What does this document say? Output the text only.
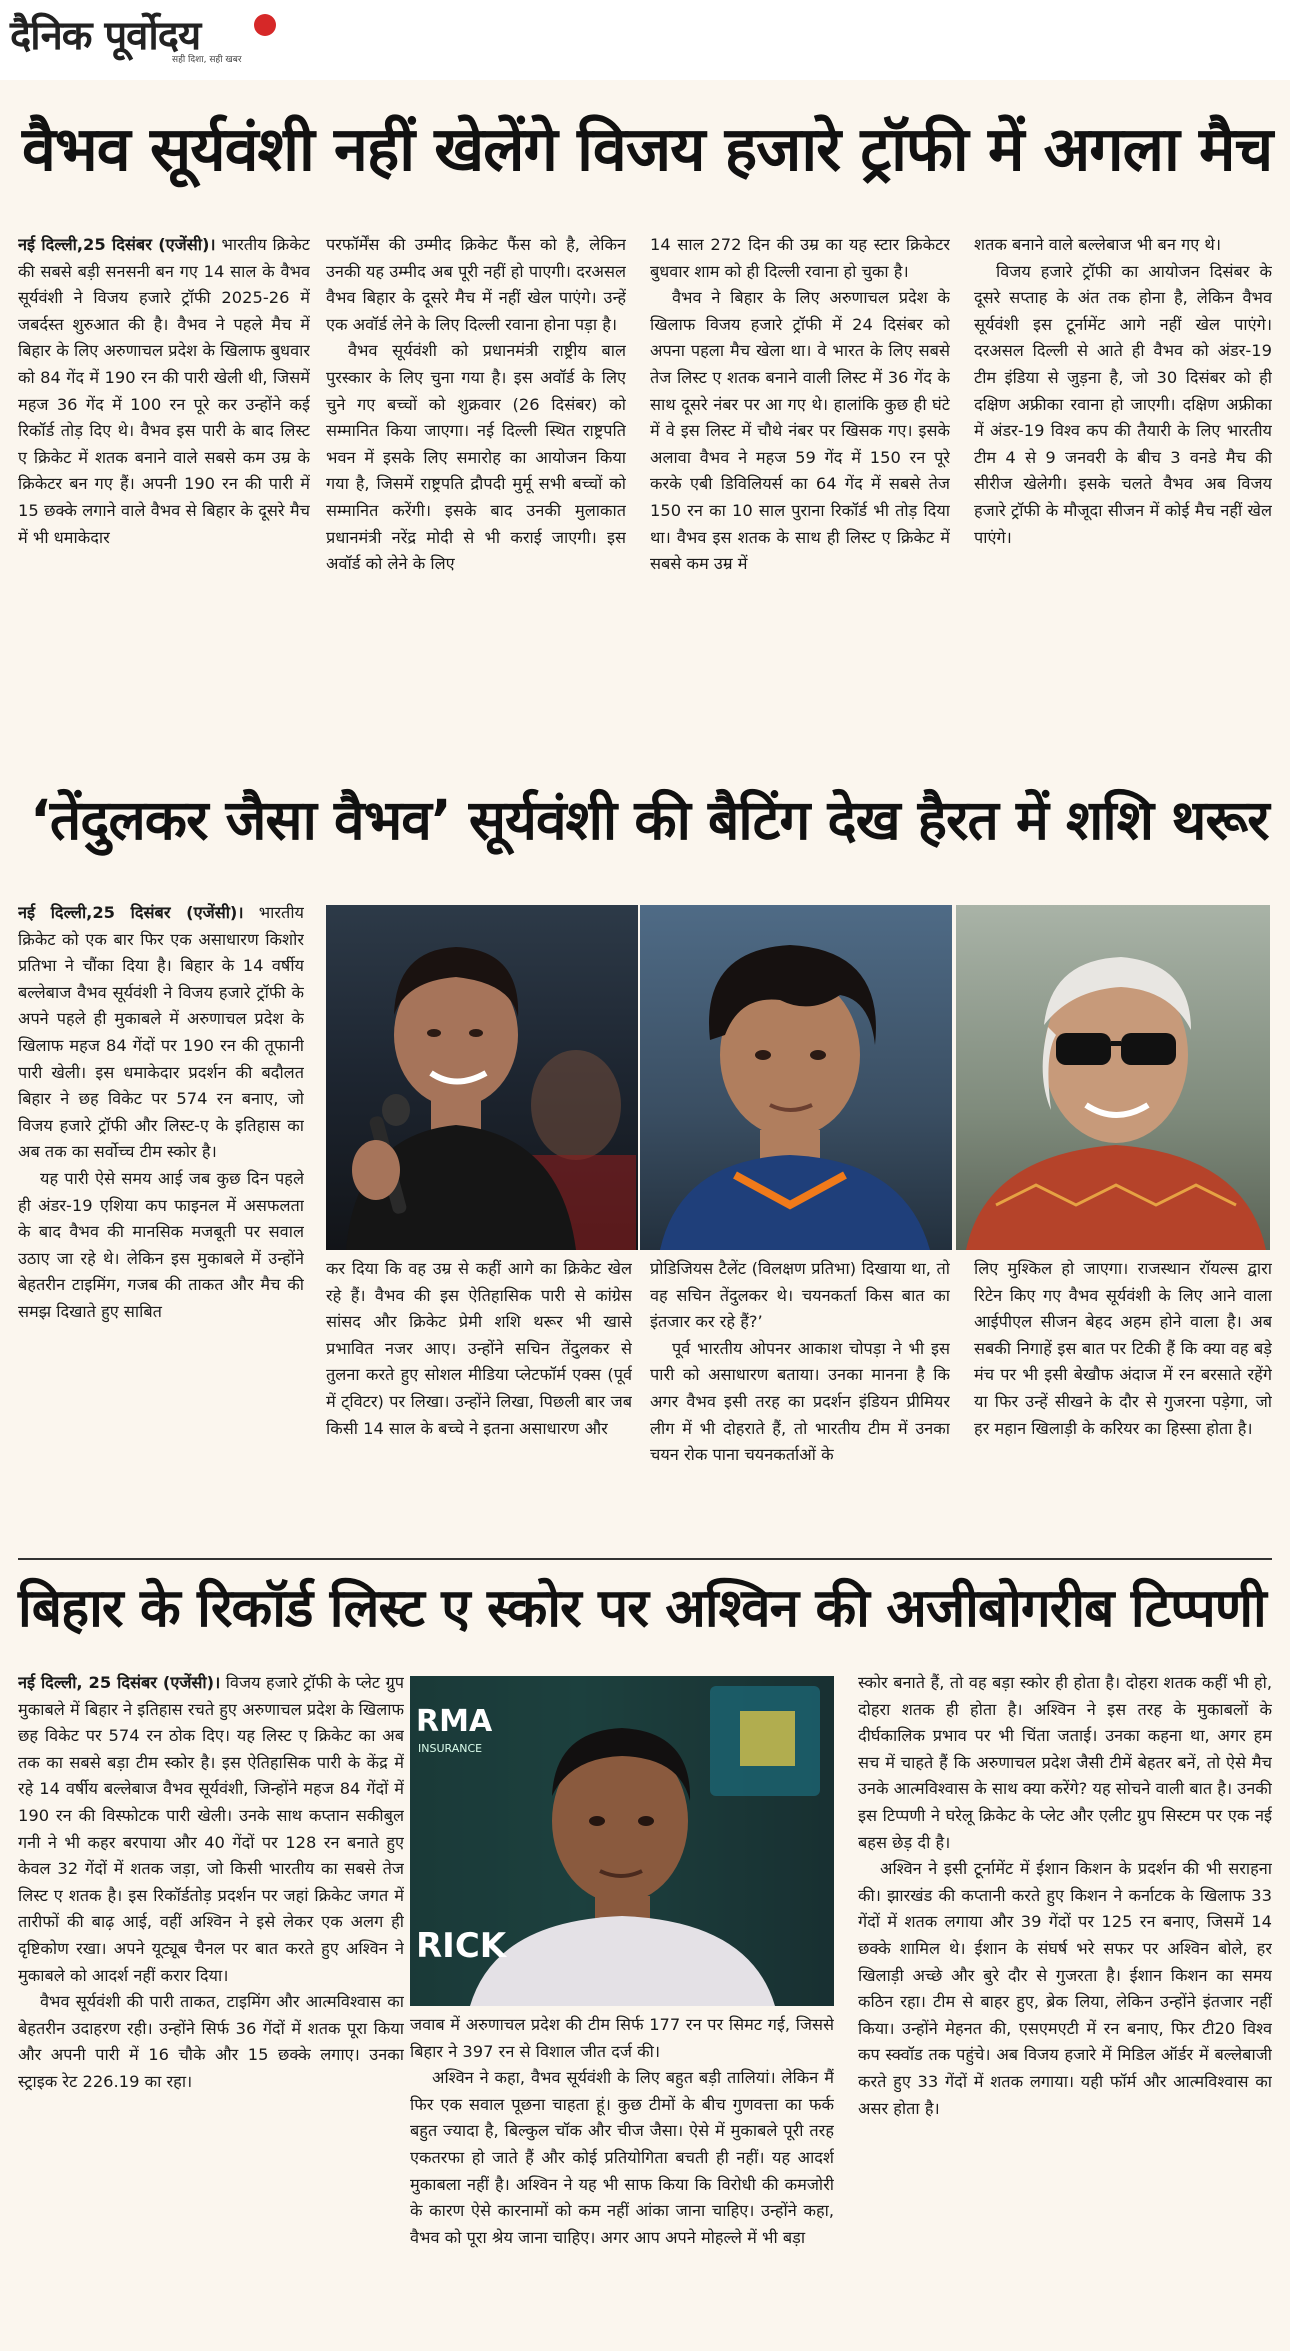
दैनिक पूर्वोदय
सही दिशा, सही खबर
वैभव सूर्यवंशी नहीं खेलेंगे विजय हजारे ट्रॉफी में अगला मैच

नई दिल्ली,25 दिसंबर (एजेंसी)। भारतीय क्रिकेट की सबसे बड़ी सनसनी बन गए 14 साल के वैभव सूर्यवंशी ने विजय हजारे ट्रॉफी 2025-26 में जबर्दस्त शुरुआत की है। वैभव ने पहले मैच में बिहार के लिए अरुणाचल प्रदेश के खिलाफ बुधवार को 84 गेंद में 190 रन की पारी खेली थी, जिसमें महज 36 गेंद में 100 रन पूरे कर उन्होंने कई रिकॉर्ड तोड़ दिए थे। वैभव इस पारी के बाद लिस्ट ए क्रिकेट में शतक बनाने वाले सबसे कम उम्र के क्रिकेटर बन गए हैं। अपनी 190 रन की पारी में 15 छक्के लगाने वाले वैभव से बिहार के दूसरे मैच में भी धमाकेदार

परफॉर्मेंस की उम्मीद क्रिकेट फैंस को है, लेकिन उनकी यह उम्मीद अब पूरी नहीं हो पाएगी। दरअसल वैभव बिहार के दूसरे मैच में नहीं खेल पाएंगे। उन्हें एक अवॉर्ड लेने के लिए दिल्ली रवाना होना पड़ा है।

वैभव सूर्यवंशी को प्रधानमंत्री राष्ट्रीय बाल पुरस्कार के लिए चुना गया है। इस अवॉर्ड के लिए चुने गए बच्चों को शुक्रवार (26 दिसंबर) को सम्मानित किया जाएगा। नई दिल्ली स्थित राष्ट्रपति भवन में इसके लिए समारोह का आयोजन किया गया है, जिसमें राष्ट्रपति द्रौपदी मुर्मू सभी बच्चों को सम्मानित करेंगी। इसके बाद उनकी मुलाकात प्रधानमंत्री नरेंद्र मोदी से भी कराई जाएगी। इस अवॉर्ड को लेने के लिए

14 साल 272 दिन की उम्र का यह स्टार क्रिकेटर बुधवार शाम को ही दिल्ली रवाना हो चुका है।

वैभव ने बिहार के लिए अरुणाचल प्रदेश के खिलाफ विजय हजारे ट्रॉफी में 24 दिसंबर को अपना पहला मैच खेला था। वे भारत के लिए सबसे तेज लिस्ट ए शतक बनाने वाली लिस्ट में 36 गेंद के साथ दूसरे नंबर पर आ गए थे। हालांकि कुछ ही घंटे में वे इस लिस्ट में चौथे नंबर पर खिसक गए। इसके अलावा वैभव ने महज 59 गेंद में 150 रन पूरे करके एबी डिविलियर्स का 64 गेंद में सबसे तेज 150 रन का 10 साल पुराना रिकॉर्ड भी तोड़ दिया था। वैभव इस शतक के साथ ही लिस्ट ए क्रिकेट में सबसे कम उम्र में

शतक बनाने वाले बल्लेबाज भी बन गए थे।

विजय हजारे ट्रॉफी का आयोजन दिसंबर के दूसरे सप्ताह के अंत तक होना है, लेकिन वैभव सूर्यवंशी इस टूर्नामेंट आगे नहीं खेल पाएंगे। दरअसल दिल्ली से आते ही वैभव को अंडर-19 टीम इंडिया से जुड़ना है, जो 30 दिसंबर को ही दक्षिण अफ्रीका रवाना हो जाएगी। दक्षिण अफ्रीका में अंडर-19 विश्व कप की तैयारी के लिए भारतीय टीम 4 से 9 जनवरी के बीच 3 वनडे मैच की सीरीज खेलेगी। इसके चलते वैभव अब विजय हजारे ट्रॉफी के मौजूदा सीजन में कोई मैच नहीं खेल पाएंगे।

‘तेंदुलकर जैसा वैभव’ सूर्यवंशी की बैटिंग देख हैरत में शशि थरूर

नई दिल्ली,25 दिसंबर (एजेंसी)। भारतीय क्रिकेट को एक बार फिर एक असाधारण किशोर प्रतिभा ने चौंका दिया है। बिहार के 14 वर्षीय बल्लेबाज वैभव सूर्यवंशी ने विजय हजारे ट्रॉफी के अपने पहले ही मुकाबले में अरुणाचल प्रदेश के खिलाफ महज 84 गेंदों पर 190 रन की तूफानी पारी खेली। इस धमाकेदार प्रदर्शन की बदौलत बिहार ने छह विकेट पर 574 रन बनाए, जो विजय हजारे ट्रॉफी और लिस्ट-ए के इतिहास का अब तक का सर्वोच्च टीम स्कोर है।

यह पारी ऐसे समय आई जब कुछ दिन पहले ही अंडर-19 एशिया कप फाइनल में असफलता के बाद वैभव की मानसिक मजबूती पर सवाल उठाए जा रहे थे। लेकिन इस मुकाबले में उन्होंने बेहतरीन टाइमिंग, गजब की ताकत और मैच की समझ दिखाते हुए साबित

कर दिया कि वह उम्र से कहीं आगे का क्रिकेट खेल रहे हैं। वैभव की इस ऐतिहासिक पारी से कांग्रेस सांसद और क्रिकेट प्रेमी शशि थरूर भी खासे प्रभावित नजर आए। उन्होंने सचिन तेंदुलकर से तुलना करते हुए सोशल मीडिया प्लेटफॉर्म एक्स (पूर्व में ट्विटर) पर लिखा। उन्होंने लिखा, पिछली बार जब किसी 14 साल के बच्चे ने इतना असाधारण और

प्रोडिजियस टैलेंट (विलक्षण प्रतिभा) दिखाया था, तो वह सचिन तेंदुलकर थे। चयनकर्ता किस बात का इंतजार कर रहे हैं?’

पूर्व भारतीय ओपनर आकाश चोपड़ा ने भी इस पारी को असाधारण बताया। उनका मानना है कि अगर वैभव इसी तरह का प्रदर्शन इंडियन प्रीमियर लीग में भी दोहराते हैं, तो भारतीय टीम में उनका चयन रोक पाना चयनकर्ताओं के

लिए मुश्किल हो जाएगा। राजस्थान रॉयल्स द्वारा रिटेन किए गए वैभव सूर्यवंशी के लिए आने वाला आईपीएल सीजन बेहद अहम होने वाला है। अब सबकी निगाहें इस बात पर टिकी हैं कि क्या वह बड़े मंच पर भी इसी बेखौफ अंदाज में रन बरसाते रहेंगे या फिर उन्हें सीखने के दौर से गुजरना पड़ेगा, जो हर महान खिलाड़ी के करियर का हिस्सा होता है।

बिहार के रिकॉर्ड लिस्ट ए स्कोर पर अश्विन की अजीबोगरीब टिप्पणी

नई दिल्ली, 25 दिसंबर (एजेंसी)। विजय हजारे ट्रॉफी के प्लेट ग्रुप मुकाबले में बिहार ने इतिहास रचते हुए अरुणाचल प्रदेश के खिलाफ छह विकेट पर 574 रन ठोक दिए। यह लिस्ट ए क्रिकेट का अब तक का सबसे बड़ा टीम स्कोर है। इस ऐतिहासिक पारी के केंद्र में रहे 14 वर्षीय बल्लेबाज वैभव सूर्यवंशी, जिन्होंने महज 84 गेंदों में 190 रन की विस्फोटक पारी खेली। उनके साथ कप्तान सकीबुल गनी ने भी कहर बरपाया और 40 गेंदों पर 128 रन बनाते हुए केवल 32 गेंदों में शतक जड़ा, जो किसी भारतीय का सबसे तेज लिस्ट ए शतक है। इस रिकॉर्डतोड़ प्रदर्शन पर जहां क्रिकेट जगत में तारीफों की बाढ़ आई, वहीं अश्विन ने इसे लेकर एक अलग ही दृष्टिकोण रखा। अपने यूट्यूब चैनल पर बात करते हुए अश्विन ने मुकाबले को आदर्श नहीं करार दिया।

वैभव सूर्यवंशी की पारी ताकत, टाइमिंग और आत्मविश्वास का बेहतरीन उदाहरण रही। उन्होंने सिर्फ 36 गेंदों में शतक पूरा किया और अपनी पारी में 16 चौके और 15 छक्के लगाए। उनका स्ट्राइक रेट 226.19 का रहा।

RMA
INSURANCE
RICK

जवाब में अरुणाचल प्रदेश की टीम सिर्फ 177 रन पर सिमट गई, जिससे बिहार ने 397 रन से विशाल जीत दर्ज की।

अश्विन ने कहा, वैभव सूर्यवंशी के लिए बहुत बड़ी तालियां। लेकिन मैं फिर एक सवाल पूछना चाहता हूं। कुछ टीमों के बीच गुणवत्ता का फर्क बहुत ज्यादा है, बिल्कुल चॉक और चीज जैसा। ऐसे में मुकाबले पूरी तरह एकतरफा हो जाते हैं और कोई प्रतियोगिता बचती ही नहीं। यह आदर्श मुकाबला नहीं है। अश्विन ने यह भी साफ किया कि विरोधी की कमजोरी के कारण ऐसे कारनामों को कम नहीं आंका जाना चाहिए। उन्होंने कहा, वैभव को पूरा श्रेय जाना चाहिए। अगर आप अपने मोहल्ले में भी बड़ा

स्कोर बनाते हैं, तो वह बड़ा स्कोर ही होता है। दोहरा शतक कहीं भी हो, दोहरा शतक ही होता है। अश्विन ने इस तरह के मुकाबलों के दीर्घकालिक प्रभाव पर भी चिंता जताई। उनका कहना था, अगर हम सच में चाहते हैं कि अरुणाचल प्रदेश जैसी टीमें बेहतर बनें, तो ऐसे मैच उनके आत्मविश्वास के साथ क्या करेंगे? यह सोचने वाली बात है। उनकी इस टिप्पणी ने घरेलू क्रिकेट के प्लेट और एलीट ग्रुप सिस्टम पर एक नई बहस छेड़ दी है।

अश्विन ने इसी टूर्नामेंट में ईशान किशन के प्रदर्शन की भी सराहना की। झारखंड की कप्तानी करते हुए किशन ने कर्नाटक के खिलाफ 33 गेंदों में शतक लगाया और 39 गेंदों पर 125 रन बनाए, जिसमें 14 छक्के शामिल थे। ईशान के संघर्ष भरे सफर पर अश्विन बोले, हर खिलाड़ी अच्छे और बुरे दौर से गुजरता है। ईशान किशन का समय कठिन रहा। टीम से बाहर हुए, ब्रेक लिया, लेकिन उन्होंने इंतजार नहीं किया। उन्होंने मेहनत की, एसएमएटी में रन बनाए, फिर टी20 विश्व कप स्क्वॉड तक पहुंचे। अब विजय हजारे में मिडिल ऑर्डर में बल्लेबाजी करते हुए 33 गेंदों में शतक लगाया। यही फॉर्म और आत्मविश्वास का असर होता है।
